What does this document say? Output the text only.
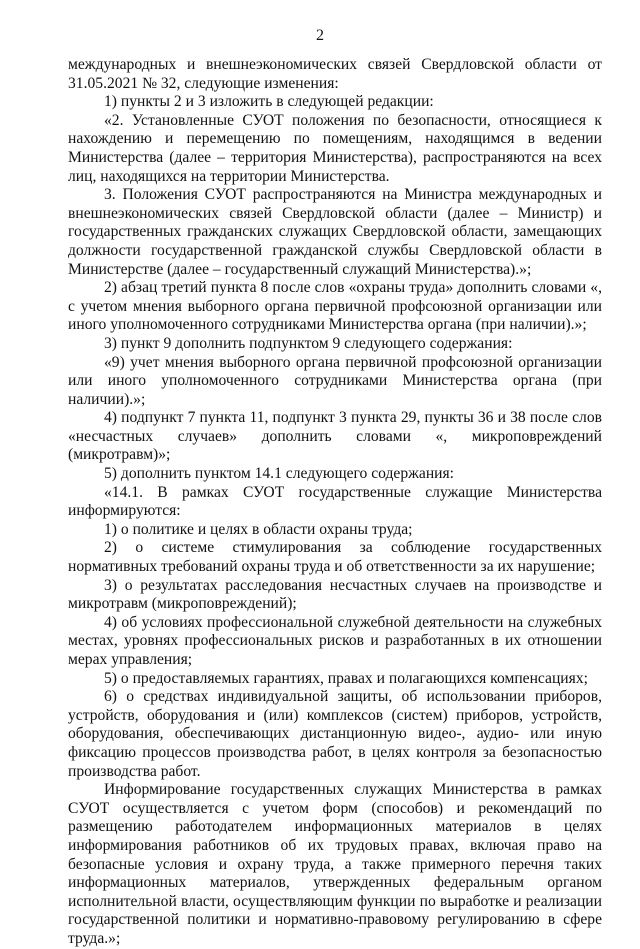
2

международных и внешнеэкономических связей Свердловской области от 31.05.2021 № 32, следующие изменения:

1) пункты 2 и 3 изложить в следующей редакции:

«2. Установленные СУОТ положения по безопасности, относящиеся к нахождению и перемещению по помещениям, находящимся в ведении Министерства (далее – территория Министерства), распространяются на всех лиц, находящихся на территории Министерства.

3. Положения СУОТ распространяются на Министра международных и внешнеэкономических связей Свердловской области (далее – Министр) и государственных гражданских служащих Свердловской области, замещающих должности государственной гражданской службы Свердловской области в Министерстве (далее – государственный служащий Министерства).»;

2) абзац третий пункта 8 после слов «охраны труда» дополнить словами «, с учетом мнения выборного органа первичной профсоюзной организации или иного уполномоченного сотрудниками Министерства органа (при наличии).»;

3) пункт 9 дополнить подпунктом 9 следующего содержания:

«9) учет мнения выборного органа первичной профсоюзной организации или иного уполномоченного сотрудниками Министерства органа (при наличии).»;

4) подпункт 7 пункта 11, подпункт 3 пункта 29, пункты 36 и 38 после слов «несчастных случаев» дополнить словами «, микроповреждений (микротравм)»;

5) дополнить пунктом 14.1 следующего содержания:

«14.1. В рамках СУОТ государственные служащие Министерства информируются:

1) о политике и целях в области охраны труда;

2) о системе стимулирования за соблюдение государственных нормативных требований охраны труда и об ответственности за их нарушение;

3) о результатах расследования несчастных случаев на производстве и микротравм (микроповреждений);

4) об условиях профессиональной служебной деятельности на служебных местах, уровнях профессиональных рисков и разработанных в их отношении мерах управления;

5) о предоставляемых гарантиях, правах и полагающихся компенсациях;

6) о средствах индивидуальной защиты, об использовании приборов, устройств, оборудования и (или) комплексов (систем) приборов, устройств, оборудования, обеспечивающих дистанционную видео-, аудио- или иную фиксацию процессов производства работ, в целях контроля за безопасностью производства работ.

Информирование государственных служащих Министерства в рамках СУОТ осуществляется с учетом форм (способов) и рекомендаций по размещению работодателем информационных материалов в целях информирования работников об их трудовых правах, включая право на безопасные условия и охрану труда, а также примерного перечня таких информационных материалов, утвержденных федеральным органом исполнительной власти, осуществляющим функции по выработке и реализации государственной политики и нормативно-правовому регулированию в сфере труда.»;
